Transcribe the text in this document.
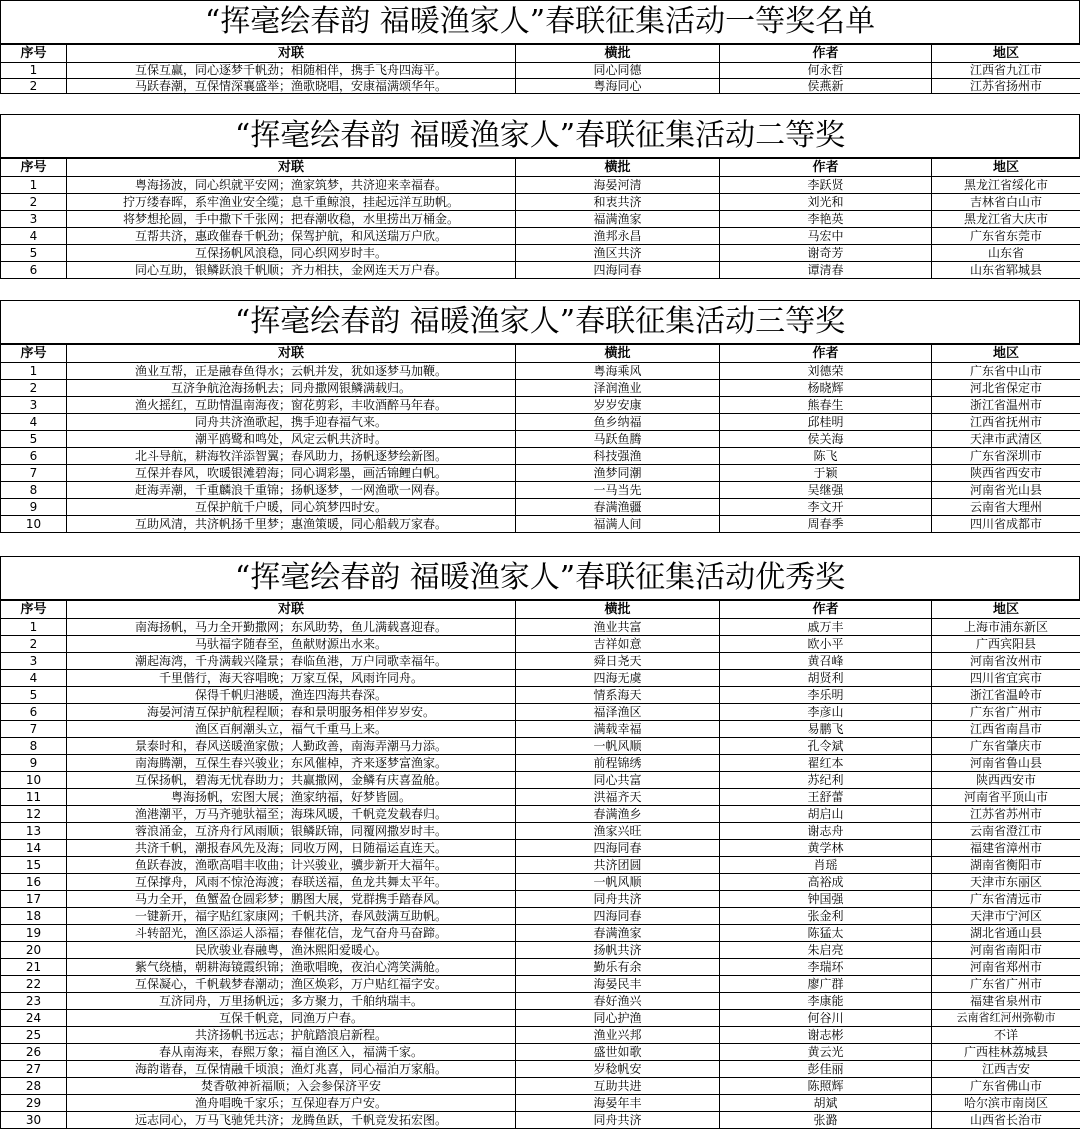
“挥毫绘春韵 福暖渔家人”春联征集活动一等奖名单
序号	对联	横批	作者	地区
1	互保互赢，同心逐梦千帆劲；相随相伴，携手飞舟四海平。	同心同德	何永哲	江西省九江市
2	马跃春潮，互保情深襄盛举；渔歌晓唱，安康福满颂华年。	粤海同心	侯燕新	江苏省扬州市
“挥毫绘春韵 福暖渔家人”春联征集活动二等奖
序号	对联	横批	作者	地区
1	粤海扬波，同心织就平安网；渔家筑梦，共济迎来幸福春。	海晏河清	李跃贤	黑龙江省绥化市
2	拧万缕春晖，系牢渔业安全缆；息千重鲸浪，挂起远洋互助帆。	和衷共济	刘光和	吉林省白山市
3	将梦想抡圆，手中撒下千张网；把春潮收稳，水里捞出万桶金。	福满渔家	李艳英	黑龙江省大庆市
4	互帮共济，惠政催春千帆劲；保驾护航，和风送瑞万户欣。	渔邦永昌	马宏中	广东省东莞市
5	互保扬帆风浪稳，同心织网岁时丰。	渔区共济	谢奇芳	山东省
6	同心互助，银鳞跃浪千帆顺；齐力相扶，金网连天万户春。	四海同春	谭清春	山东省郓城县
“挥毫绘春韵 福暖渔家人”春联征集活动三等奖
序号	对联	横批	作者	地区
1	渔业互帮，正是融春鱼得水；云帆并发，犹如逐梦马加鞭。	粤海乘风	刘德荣	广东省中山市
2	互济争航沧海扬帆去；同舟撒网银鳞满载归。	泽润渔业	杨晓辉	河北省保定市
3	渔火摇红，互助情温南海夜；窗花剪彩，丰收酒醉马年春。	岁岁安康	熊春生	浙江省温州市
4	同舟共济渔歌起，携手迎春福气来。	鱼乡纳福	邱桂明	江西省抚州市
5	潮平鸥鹭和鸣处，风定云帆共济时。	马跃鱼腾	侯关海	天津市武清区
6	北斗导航，耕海牧洋添智翼；春风助力，扬帆逐梦绘新图。	科技强渔	陈飞	广东省深圳市
7	互保并春风，吹暖银滩碧海；同心调彩墨，画活锦鲤白帆。	渔梦同潮	于颖	陕西省西安市
8	赶海弄潮，千重麟浪千重锦；扬帆逐梦，一网渔歌一网春。	一马当先	吴继强	河南省光山县
9	互保护航千户暖，同心筑梦四时安。	春满渔疆	李文开	云南省大理州
10	互助风清，共济帆扬千里梦；惠渔策暖，同心船载万家春。	福满人间	周春季	四川省成都市
“挥毫绘春韵 福暖渔家人”春联征集活动优秀奖
序号	对联	横批	作者	地区
1	南海扬帆，马力全开勤撒网；东风助势，鱼儿满载喜迎春。	渔业共富	戚万丰	上海市浦东新区
2	马驮福字随春至，鱼献财源出水来。	吉祥如意	欧小平	广西宾阳县
3	潮起海湾，千舟满载兴隆景；春临鱼港，万户同歌幸福年。	舜日尧天	黄召峰	河南省汝州市
4	千里偕行，海天容唱晚；万家互保，风雨许同舟。	四海无虞	胡贤利	四川省宜宾市
5	保得千帆归港暖，渔连四海共春深。	情系海天	李乐明	浙江省温岭市
6	海晏河清互保护航程程顺；春和景明服务相伴岁岁安。	福泽渔区	李彦山	广东省广州市
7	渔区百舸潮头立，福气千重马上来。	满载幸福	易鹏飞	江西省南昌市
8	景泰时和，春风送暖渔家傲；人勤政善，南海弄潮马力添。	一帆风顺	孔令斌	广东省肇庆市
9	南海腾潮，互保生春兴骏业；东风催棹，齐来逐梦富渔家。	前程锦绣	翟红本	河南省鲁山县
10	互保扬帆，碧海无忧春助力；共赢撒网，金鳞有庆喜盈舱。	同心共富	苏纪利	陕西西安市
11	粤海扬帆，宏图大展；渔家纳福，好梦皆圆。	洪福齐天	王舒蕾	河南省平顶山市
12	渔港潮平，万马齐驰驮福至；海珠风暖，千帆竞发载春归。	春满渔乡	胡启山	江苏省苏州市
13	蓉浪涌金，互济舟行风雨顺；银鳞跃锦，同覆网撒岁时丰。	渔家兴旺	谢志舟	云南省澄江市
14	共济千帆，潮报春风先及海；同收万网，日随福运直连天。	四海同春	黄学林	福建省漳州市
15	鱼跃春波，渔歌高唱丰收曲；计兴骏业，骥步新开大福年。	共济团圆	肖瑶	湖南省衡阳市
16	互保撑舟，风雨不惊沧海渡；春联送福，鱼龙共舞太平年。	一帆风顺	高裕成	天津市东丽区
17	马力全开，鱼蟹盈仓圆彩梦；鹏图大展，党群携手踏春风。	同舟共济	钟国强	广东省清远市
18	一键新开，福字贴红家康网；千帆共济，春风鼓满互助帆。	四海同春	张金利	天津市宁河区
19	斗转韶光，渔区添运人添福；春催花信，龙气奋舟马奋蹄。	春满渔家	陈猛太	湖北省通山县
20	民欣骏业春融粤，渔沐熙阳爱暖心。	扬帆共济	朱启亮	河南省南阳市
21	紫气绕樯，朝耕海镜霞织锦；渔歌唱晚，夜泊心湾笑满舱。	勤乐有余	李瑞环	河南省郑州市
22	互保凝心，千帆载梦春潮动；渔区焕彩，万户贴红福字安。	海晏民丰	廖广群	广东省广州市
23	互济同舟，万里扬帆远；多方聚力，千舶纳瑞丰。	春好渔兴	李康能	福建省泉州市
24	互保千帆竞，同渔万户春。	同心护渔	何谷川	云南省红河州弥勒市
25	共济扬帆书远志；护航踏浪启新程。	渔业兴邦	谢志彬	不详
26	春从南海来，春熙万象；福自渔区入，福满千家。	盛世如歌	黄云光	广西桂林荔城县
27	海韵谐春，互保情融千顷浪；渔灯兆喜，同心福泊万家船。	岁稔帆安	彭佳丽	江西吉安
28	焚香敬神祈福顺；入会参保济平安	互助共进	陈照辉	广东省佛山市
29	渔舟唱晚千家乐；互保迎春万户安。	海晏年丰	胡斌	哈尔滨市南岗区
30	远志同心，万马飞驰凭共济；龙腾鱼跃，千帆竞发拓宏图。	同舟共济	张潞	山西省长治市
